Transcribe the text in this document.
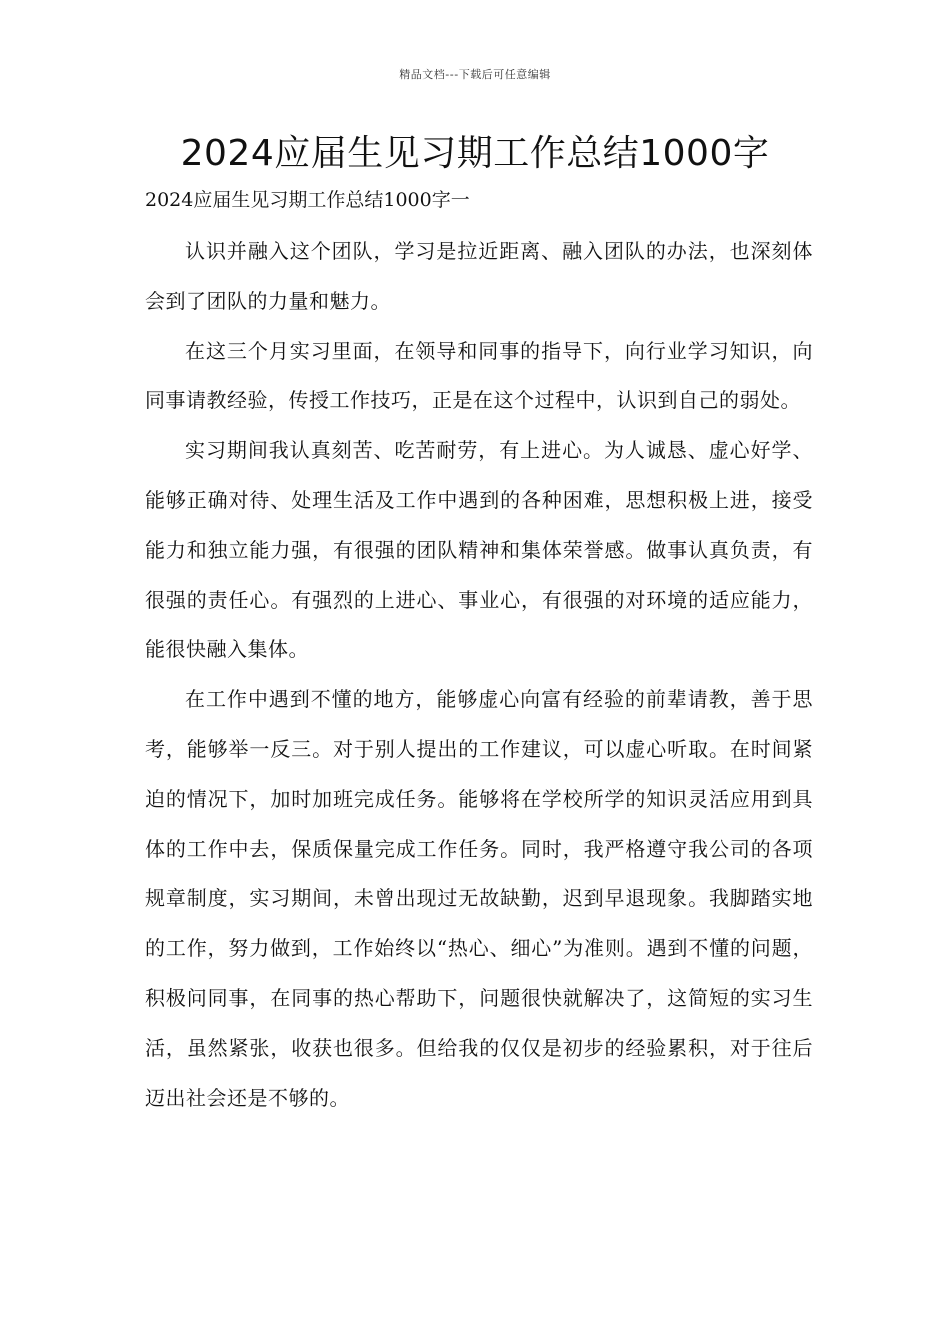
精品文档---下载后可任意编辑
2024应届生见习期工作总结1000字

2024应届生见习期工作总结1000字一

认识并融入这个团队，学习是拉近距离、融入团队的办法，也深刻体会到了团队的力量和魅力。

在这三个月实习里面，在领导和同事的指导下，向行业学习知识，向同事请教经验，传授工作技巧，正是在这个过程中，认识到自己的弱处。

实习期间我认真刻苦、吃苦耐劳，有上进心。为人诚恳、虚心好学、能够正确对待、处理生活及工作中遇到的各种困难，思想积极上进，接受能力和独立能力强，有很强的团队精神和集体荣誉感。做事认真负责，有很强的责任心。有强烈的上进心、事业心，有很强的对环境的适应能力，能很快融入集体。

在工作中遇到不懂的地方，能够虚心向富有经验的前辈请教，善于思考，能够举一反三。对于别人提出的工作建议，可以虚心听取。在时间紧迫的情况下，加时加班完成任务。能够将在学校所学的知识灵活应用到具体的工作中去，保质保量完成工作任务。同时，我严格遵守我公司的各项规章制度，实习期间，未曾出现过无故缺勤，迟到早退现象。我脚踏实地的工作，努力做到，工作始终以“热心、细心”为准则。遇到不懂的问题，积极问同事，在同事的热心帮助下，问题很快就解决了，这简短的实习生活，虽然紧张，收获也很多。但给我的仅仅是初步的经验累积，对于往后迈出社会还是不够的。
